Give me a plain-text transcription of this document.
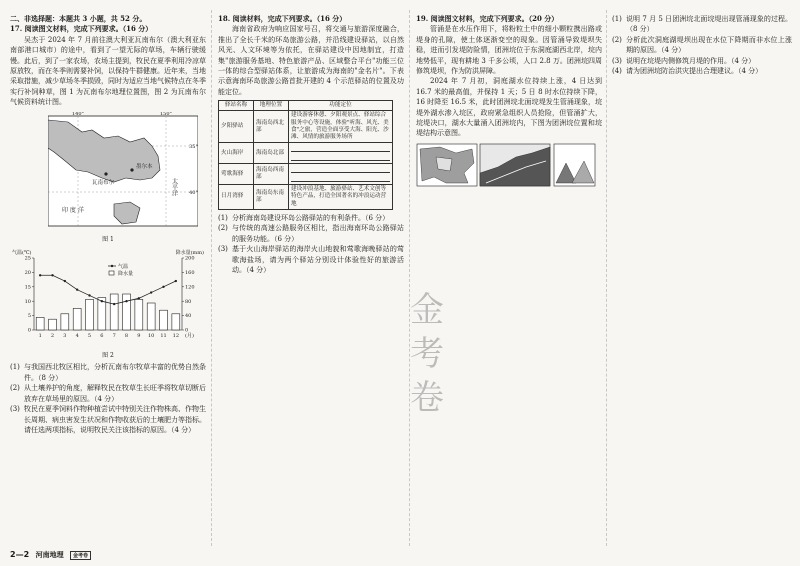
二、非选择题：本题共 3 小题，共 52 分。

17. 阅读图文材料，完成下列要求。（16 分）

吴杰于 2024 年 7 月前往澳大利亚瓦南布尔（澳大利亚东南部港口城市）的途中，看到了一望无际的草场，车辆行驶缓慢。此后，到了一家农场，农场主提到，牧民在夏季利用冷凉草原放牧，而在冬季则需要补饲，以保持牛群健康。近年来，当地采取措施，减少草场冬季损毁，同时为适应当地气候特点在冬季实行补饲种草，图 1 为瓦南布尔地理位置图，图 2 为瓦南布尔气候资料统计图。

140°	150°
35°
40°
墨尔本
瓦南布尔
印 度 洋
太平洋

图 1

气温(℃)	降水量(mm)
0
5
10
15
20
25
0
40
80
120
160
200
1 2 3 4 5 6 7 8 9 10 11 12 (月)
气温
降水量

图 2

(1) 与我国西北牧区相比，分析瓦南布尔牧草丰富的优势自然条件。（8 分）

(2) 从土壤养护的角度，解释牧民在牧草生长旺季将牧草切断后放弃在草场里的原因。（4 分）

(3) 牧民在夏季饲料作物种植尝试中特别关注作物株高、作物生长周期、病虫害发生状况和作物收获后的土壤肥力等指标。请任选两项指标，说明牧民关注该指标的原因。（4 分）

18. 阅读材料，完成下列要求。（16 分）

海南省政府为响应国家号召，将交通与旅游深度融合，推出了全长千米的环岛旅游公路，并沿线建设驿站，以自然风光、人文环境等为依托，在驿站建设中因地制宜，打造集"旅游服务基地、特色旅游产品、区域整合平台"功能三位一体的综合型驿站体系，让旅游成为海南的"金名片"。下表示意海南环岛旅游公路首批开建的 4 个示范驿站的位置及功能定位。

驿站名称	地理位置	功能定位
夕阳驿站	海南岛西北部	建设游客休憩、夕阳观景点、驿站综合服务中心等设施，体验"听海、风光、美食"之旅，营造全面享受大海、阳光、沙滩、风情的旅游服务场所
火山海岸	海南岛北部	

莺歌海驿	海南岛西南部	

日月湾驿	海南岛东南部	建设冲浪基地、旅游驿站、艺术文创等特色产品，打造全国著名的冲浪运动营地

(1) 分析海南岛建设环岛公路驿站的有利条件。（6 分）

(2) 与传统的高速公路服务区相比，指出海南环岛公路驿站的服务功能。（6 分）

(3) 基于火山海岸驿站的海岸火山地貌和莺歌海晚驿站的莺歌海盐场，请为两个驿站分别设计体验性好的旅游活动。（4 分）

19. 阅读图文材料，完成下列要求。（20 分）

管涌是在水压作用下，将粉粒土中的细小颗粒携出路或堤身的孔隙，使土体逐渐变空的现象。因管涌导致堤坝失稳，进而引发堤防险情，团洲垸位于东洞庭湖西北岸，垸内地势低平，现有耕地 3 千多公顷，人口 2.8 万。团洲垸四周修筑堤坝，作为防洪屏障。

2024 年 7 月初，洞庭湖水位持续上涨，4 日达到 16.7 米的最高值，并保持 1 天；5 日 8 时水位持续下降，16 时降至 16.5 米，此时团洲垸北面垸堤发生管涌现象，垸堤外湖水渗入垸区，政府紧急组织人员抢险，但管涌扩大，垸堤决口，湖水大量涌入团洲垸内，下图为团洲垸位置和垸堤结构示意图。

(1) 说明 7 月 5 日团洲垸北面垸堤出现管涌现象的过程。（8 分）

(2) 分析此次洞庭湖堤坝出现在水位下降期而非水位上涨期的原因。（4 分）

(3) 说明在垸堤内侧修筑月堤的作用。（4 分）

(4) 请为团洲垸防治洪灾提出合理建议。（4 分）

金
考
卷
2—2 河南地理 金考卷
